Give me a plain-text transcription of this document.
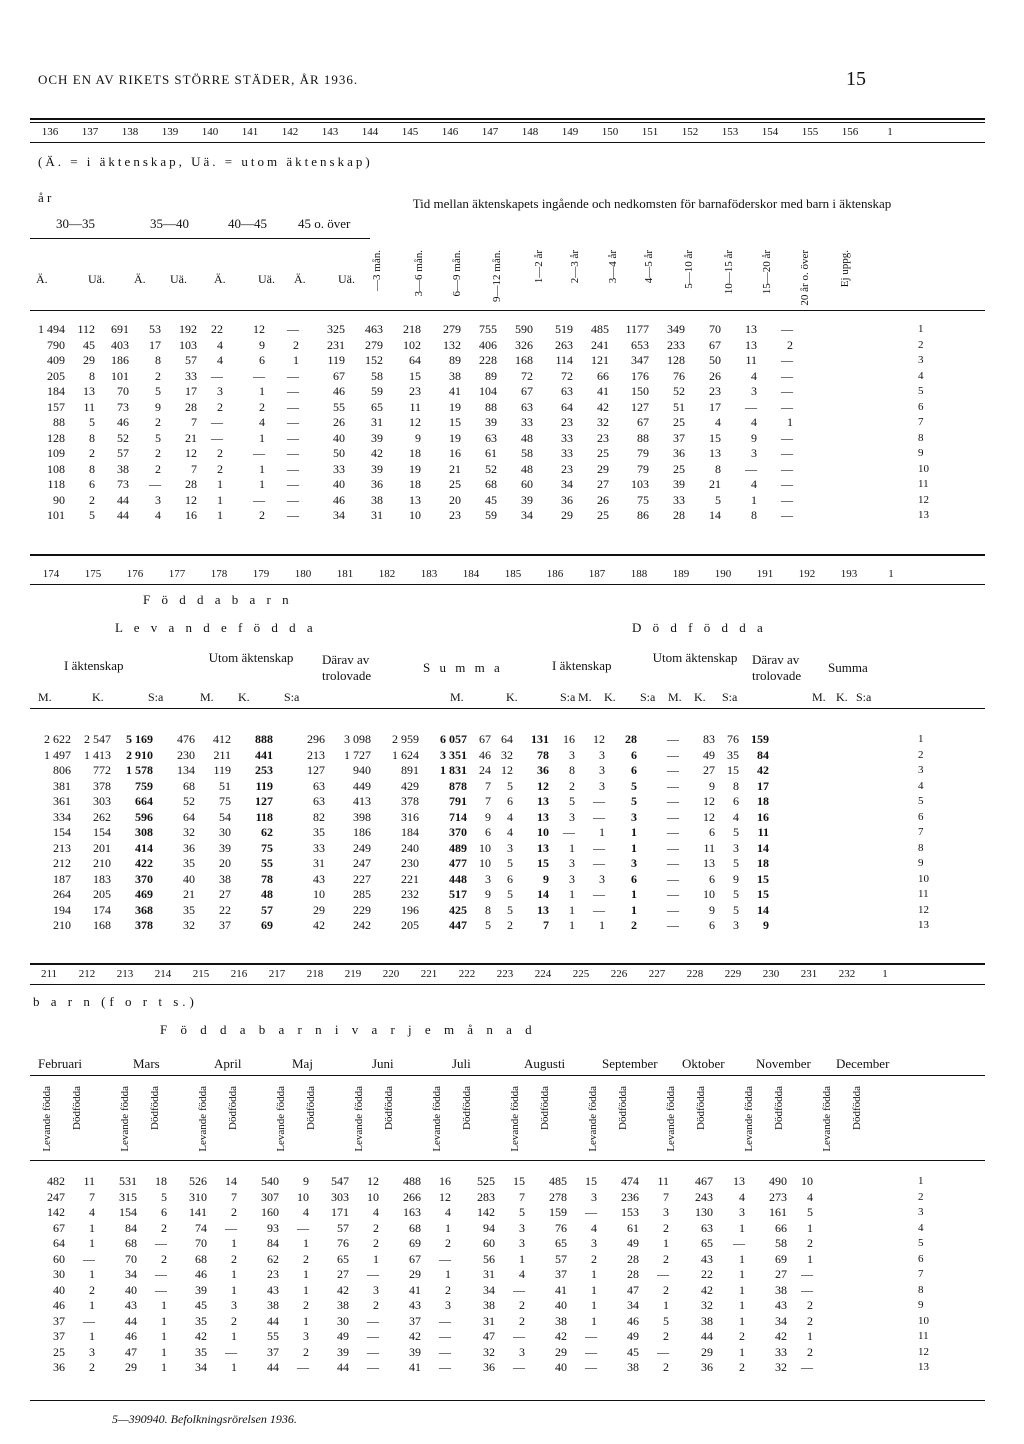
OCH EN AV RIKETS STÖRRE STÄDER, ÅR 1936.	15
136 137 138 139 140 141 142 143 144 145 146 147 148 149 150 151 152 153 154 155 156	1
(Ä. = i äktenskap, Uä. = utom äktenskap)
å r	Tid mellan äktenskapets ingående och nedkomsten för barnaföderskor med barn i äktenskap
30—35	35—40	40—45 45 o. över
Ä.	Uä. Ä. Uä. Ä.	Uä. Ä.	Uä. —3 mån.	3—6 mån. 6—9 mån.	9—12 mån.	1—2 år 2—3 år 3—4 år 4—5 år	5—10 år	10—15 år 15—20 år 20 år o. över	Ej uppg.
1 494	112	691	53	192	22	12	—	325	463	218	279	755	590	519	485	1177	349	70	13	—
790	45	403	17	103	4	9	2	231	279	102	132	406	326	263	241	653	233	67	13	2
409	29	186	8	57	4	6	1	119	152	64	89	228	168	114	121	347	128	50	11	—
205	8	101	2	33	—	—	—	67	58	15	38	89	72	72	66	176	76	26	4	—
184	13	70	5	17	3	1	—	46	59	23	41	104	67	63	41	150	52	23	3	—
157	11	73	9	28	2	2	—	55	65	11	19	88	63	64	42	127	51	17	—	—
88	5	46	2	7	—	4	—	26	31	12	15	39	33	23	32	67	25	4	4	1
128	8	52	5	21	—	1	—	40	39	9	19	63	48	33	23	88	37	15	9	—
109	2	57	2	12	2	—	—	50	42	18	16	61	58	33	25	79	36	13	3	—
108	8	38	2	7	2	1	—	33	39	19	21	52	48	23	29	79	25	8	—	—
118	6	73	—	28	1	1	—	40	36	18	25	68	60	34	27	103	39	21	4	—
90	2	44	3	12	1	—	—	46	38	13	20	45	39	36	26	75	33	5	1	—
101	5	44	4	16	1	2	—	34	31	10	23	59	34	29	25	86	28	14	8	—
1
2
3
4
5
6
7
8
9
10
11
12
13
174 175 176 177 178 179 180 181 182 183 184 185 186 187 188 189 190 191 192 193	1
F ö d d a b a r n
L e v a n d e f ö d d a	D ö d f ö d d a
I äktenskap
Utom äktenskap Därav av trolovade
S u m m a	I äktenskap
Utom äktenskap Därav av trolovade
Summa
M.	K.	S:a	M. K.	S:a	M.	K.	S:a M. K. S:a M. K. S:a	M. K. S:a
2 622	2 547	5 169	476	412	888	296	3 098	2 959	6 057	67	64	131	16	12	28	—	83	76	159
1 497	1 413	2 910	230	211	441	213	1 727	1 624	3 351	46	32	78	3	3	6	—	49	35	84
806	772	1 578	134	119	253	127	940	891	1 831	24	12	36	8	3	6	—	27	15	42
381	378	759	68	51	119	63	449	429	878	7	5	12	2	3	5	—	9	8	17
361	303	664	52	75	127	63	413	378	791	7	6	13	5	—	5	—	12	6	18
334	262	596	64	54	118	82	398	316	714	9	4	13	3	—	3	—	12	4	16
154	154	308	32	30	62	35	186	184	370	6	4	10	—	1	1	—	6	5	11
213	201	414	36	39	75	33	249	240	489	10	3	13	1	—	1	—	11	3	14
212	210	422	35	20	55	31	247	230	477	10	5	15	3	—	3	—	13	5	18
187	183	370	40	38	78	43	227	221	448	3	6	9	3	3	6	—	6	9	15
264	205	469	21	27	48	10	285	232	517	9	5	14	1	—	1	—	10	5	15
194	174	368	35	22	57	29	229	196	425	8	5	13	1	—	1	—	9	5	14
210	168	378	32	37	69	42	242	205	447	5	2	7	1	1	2	—	6	3	9
1
2
3
4
5
6
7
8
9
10
11
12
13
211 212 213 214 215 216 217 218 219 220 221 222 223 224 225 226 227 228 229 230 231 232 1
b a r n (f o r t s.)
F ö d d a b a r n i v a r j e m å n a d
Februari	Mars	April	Maj	Juni	Juli	Augusti	September Oktober November December
Levande födda Dödfödda	Levande födda Dödfödda	Levande födda Dödfödda	Levande födda Dödfödda	Levande födda Dödfödda	Levande födda Dödfödda	Levande födda Dödfödda	Levande födda Dödfödda	Levande födda Dödfödda	Levande födda Dödfödda	Levande födda Dödfödda
482	11	531	18	526	14	540	9	547	12	488	16	525	15	485	15	474	11	467	13	490	10
247	7	315	5	310	7	307	10	303	10	266	12	283	7	278	3	236	7	243	4	273	4
142	4	154	6	141	2	160	4	171	4	163	4	142	5	159	—	153	3	130	3	161	5
67	1	84	2	74	—	93	—	57	2	68	1	94	3	76	4	61	2	63	1	66	1
64	1	68	—	70	1	84	1	76	2	69	2	60	3	65	3	49	1	65	—	58	2
60	—	70	2	68	2	62	2	65	1	67	—	56	1	57	2	28	2	43	1	69	1
30	1	34	—	46	1	23	1	27	—	29	1	31	4	37	1	28	—	22	1	27	—
40	2	40	—	39	1	43	1	42	3	41	2	34	—	41	1	47	2	42	1	38	—
46	1	43	1	45	3	38	2	38	2	43	3	38	2	40	1	34	1	32	1	43	2
37	—	44	1	35	2	44	1	30	—	37	—	31	2	38	1	46	5	38	1	34	2
37	1	46	1	42	1	55	3	49	—	42	—	47	—	42	—	49	2	44	2	42	1
25	3	47	1	35	—	37	2	39	—	39	—	32	3	29	—	45	—	29	1	33	2
36	2	29	1	34	1	44	—	44	—	41	—	36	—	40	—	38	2	36	2	32	—
1
2
3
4
5
6
7
8
9
10
11
12
13
5—390940. Befolkningsrörelsen 1936.
